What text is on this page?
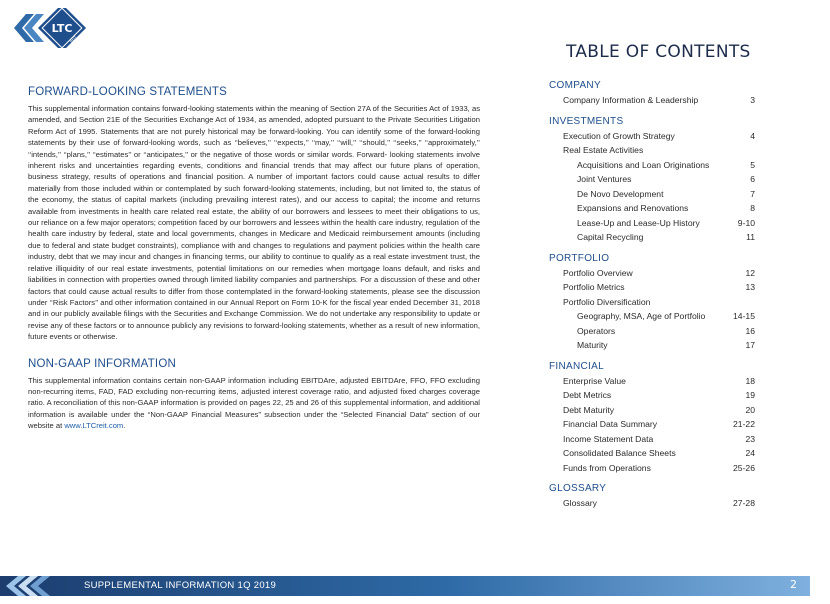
LTC
REIT
TABLE OF CONTENTS
FORWARD-LOOKING STATEMENTS
This supplemental information contains forward-looking statements within the meaning of Section 27A of the Securities Act of 1933, as amended, and Section 21E of the Securities Exchange Act of 1934, as amended, adopted pursuant to the Private Securities Litigation Reform Act of 1995. Statements that are not purely historical may be forward-looking. You can identify some of the forward-looking statements by their use of forward-looking words, such as ‘‘believes,’’ ‘‘expects,’’ ‘‘may,’’ ‘‘will,’’ ‘‘should,’’ ‘‘seeks,’’ ‘‘approximately,’’ ‘‘intends,’’ ‘‘plans,’’ ‘‘estimates’’ or ‘‘anticipates,’’ or the negative of those words or similar words. Forward- looking statements involve inherent risks and uncertainties regarding events, conditions and financial trends that may affect our future plans of operation, business strategy, results of operations and financial position. A number of important factors could cause actual results to differ materially from those included within or contemplated by such forward-looking statements, including, but not limited to, the status of the economy, the status of capital markets (including prevailing interest rates), and our access to capital; the income and returns available from investments in health care related real estate, the ability of our borrowers and lessees to meet their obligations to us, our reliance on a few major operators; competition faced by our borrowers and lessees within the health care industry, regulation of the health care industry by federal, state and local governments, changes in Medicare and Medicaid reimbursement amounts (including due to federal and state budget constraints), compliance with and changes to regulations and payment policies within the health care industry, debt that we may incur and changes in financing terms, our ability to continue to qualify as a real estate investment trust, the relative illiquidity of our real estate investments, potential limitations on our remedies when mortgage loans default, and risks and liabilities in connection with properties owned through limited liability companies and partnerships. For a discussion of these and other factors that could cause actual results to differ from those contemplated in the forward-looking statements, please see the discussion under ‘‘Risk Factors’’ and other information contained in our Annual Report on Form 10-K for the fiscal year ended December 31, 2018 and in our publicly available filings with the Securities and Exchange Commission. We do not undertake any responsibility to update or revise any of these factors or to announce publicly any revisions to forward-looking statements, whether as a result of new information, future events or otherwise.
NON-GAAP INFORMATION
This supplemental information contains certain non-GAAP information including EBITDAre, adjusted EBITDAre, FFO, FFO excluding non-recurring items, FAD, FAD excluding non-recurring items, adjusted interest coverage ratio, and adjusted fixed charges coverage ratio. A reconciliation of this non-GAAP information is provided on pages 22, 25 and 26 of this supplemental information, and additional information is available under the “Non-GAAP Financial Measures” subsection under the “Selected Financial Data” section of our website at www.LTCreit.com.
COMPANY
Company Information & Leadership	3
INVESTMENTS
Execution of Growth Strategy	4
Real Estate Activities
Acquisitions and Loan Originations	5
Joint Ventures	6
De Novo Development	7
Expansions and Renovations	8
Lease-Up and Lease-Up History	9-10
Capital Recycling	11
PORTFOLIO
Portfolio Overview	12
Portfolio Metrics	13
Portfolio Diversification
Geography, MSA, Age of Portfolio	14-15
Operators	16
Maturity	17
FINANCIAL
Enterprise Value	18
Debt Metrics	19
Debt Maturity	20
Financial Data Summary	21-22
Income Statement Data	23
Consolidated Balance Sheets	24
Funds from Operations	25-26
GLOSSARY
Glossary	27-28
SUPPLEMENTAL INFORMATION 1Q 2019	2
